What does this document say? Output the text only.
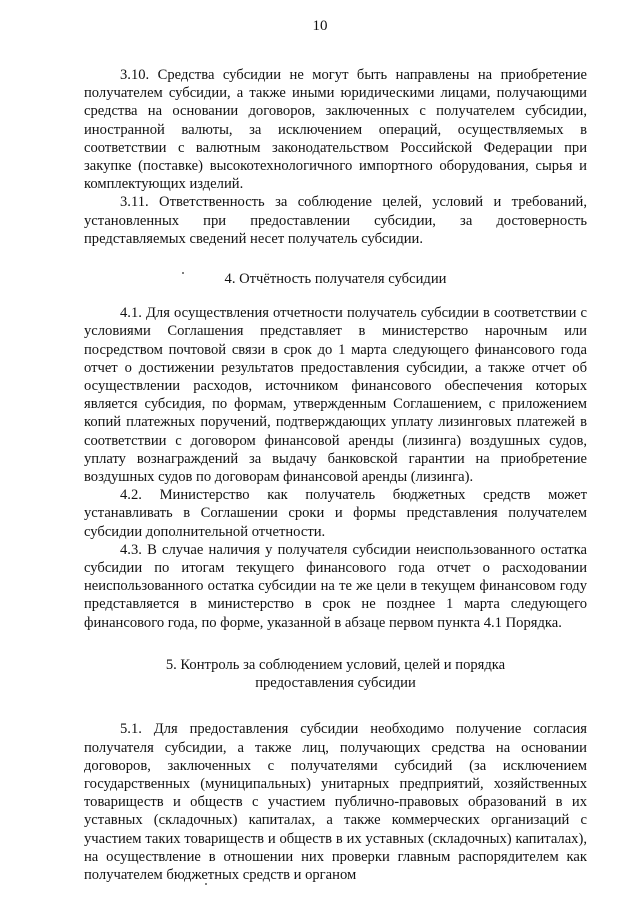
10

3.10. Средства субсидии не могут быть направлены на приобретение получателем субсидии, а также иными юридическими лицами, получающими средства на основании договоров, заключенных с получателем субсидии, иностранной валюты, за исключением операций, осуществляемых в соответствии с валютным законодательством Российской Федерации при закупке (поставке) высокотехнологичного импортного оборудования, сырья и комплектующих изделий.

3.11. Ответственность за соблюдение целей, условий и требований, установленных при предоставлении субсидии, за достоверность представляемых сведений несет получатель субсидии.

4. Отчётность получателя субсидии

4.1. Для осуществления отчетности получатель субсидии в соответствии с условиями Соглашения представляет в министерство нарочным или посредством почтовой связи в срок до 1 марта следующего финансового года отчет о достижении результатов предоставления субсидии, а также отчет об осуществлении расходов, источником финансового обеспечения которых является субсидия, по формам, утвержденным Соглашением, с приложением копий платежных поручений, подтверждающих уплату лизинговых платежей в соответствии с договором финансовой аренды (лизинга) воздушных судов, уплату вознаграждений за выдачу банковской гарантии на приобретение воздушных судов по договорам финансовой аренды (лизинга).

4.2. Министерство как получатель бюджетных средств может устанавливать в Соглашении сроки и формы представления получателем субсидии дополнительной отчетности.

4.3. В случае наличия у получателя субсидии неиспользованного остатка субсидии по итогам текущего финансового года отчет о расходовании неиспользованного остатка субсидии на те же цели в текущем финансовом году представляется в министерство в срок не позднее 1 марта следующего финансового года, по форме, указанной в абзаце первом пункта 4.1 Порядка.

5. Контроль за соблюдением условий, целей и порядка

предоставления субсидии

5.1. Для предоставления субсидии необходимо получение согласия получателя субсидии, а также лиц, получающих средства на основании договоров, заключенных с получателями субсидий (за исключением государственных (муниципальных) унитарных предприятий, хозяйственных товариществ и обществ с участием публично-правовых образований в их уставных (складочных) капиталах, а также коммерческих организаций с участием таких товариществ и обществ в их уставных (складочных) капиталах), на осуществление в отношении них проверки главным распорядителем как получателем бюджетных средств и органом
